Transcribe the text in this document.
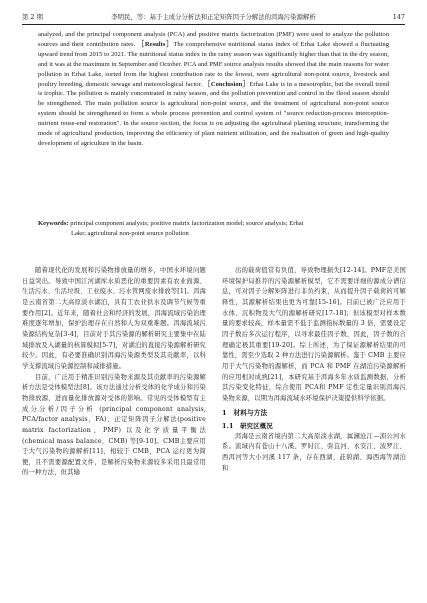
第 2 期	李明民，等：基于主成分分析法和正定矩阵因子分解法的洱海污染源解析	147

analyzed, and the principal component analysis (PCA) and positive matrix factorization (PMF) were used to analyze the pollution sources and their contribution rates. ［Results］The comprehensive nutritional status index of Erhai Lake showed a fluctuating upward trend from 2015 to 2021. The nutritional status index in the rainy season was significantly higher than that in the dry season, and it was at the maximum in September and October. PCA and PMF source analysis results showed that the main reasons for water pollution in Erhai Lake, sorted from the highest contribution rate to the lowest, were agricultural non-point source, livestock and poultry breeding, domestic sewage and meteorological factor. ［Conclusion］Erhai Lake is in a mesotrophic, but the overall trend is trophic. The pollution is mainly concentrated in rainy season, and the pollution prevention and control in the flood season should be strengthened. The main pollution source is agricultural non-point source, and the treatment of agricultural non-point source system should be strengthened to form a whole process prevention and control system of "source reduction-process interception-nutrient reuse-end restoration". In the source section, the focus is on adjusting the agricultural planting structure, transforming the mode of agricultural production, improving the efficiency of plant nutrient utilization, and the realization of green and high-quality development of agriculture in the basin.

Keywords: principal component analysis; positive matrix factorization model; source analysis; Erhai
Lake; agricultural non-point source pollution

随着现代化的发展和污染物排放量的增多，中国水环境问题日益突出。导致中国江河湖库水质恶化的重要因素有农业面源、生活污水、生活垃圾、工业废水、污水管网废水排放等[1]。洱海是云南省第二大高原淡水湖泊，具有工农业供水及调节气候等重要作用[2]。近年来，随着社会和经济的发展，洱海流域污染治理难度逐年增加，保护治理存在自然和人为双重难题。洱海流域污染源结构复杂[3-4]，目前对于其污染源的解析研究主要集中在陆域排放及入湖量的核算模拟[5-7]，对湖泊的直接污染源解析研究较少。因此，有必要准确识别洱海污染源类型及其贡献率，以科学支撑流域污染源控制和减排措施。

目前，广泛用于精准识别污染物来源及其贡献率的污染源解析方法是受体模型法[8]。该方法通过分析受体的化学成分和污染物排放源，进而量化排放源对受体的影响。常见的受体模型有主成分分析/因子分析 (principal component analysis, PCA/factor analysis，FA)、正定矩阵因子分解法(positive matrix factorization，PMF) 以及化学质量平衡法 (chemical mass balance，CMB) 等[9-10]。CMB主要应用于大气污染物的源解析[11]，相较于 CMB，PCA 运行更为简便，且不需要源配置文件，是解析污染物来源较多采用且最常用的一种方法，但其输

出的载荷值常有负值，导致物理损失[12-14]。PMF是美国环境保护局推荐的污染源解析模型，它不需要详细的源成分谱信息，可对因子分解矩阵进行非负约束，从而提升因子载荷的可解释性，其源解析结果也更为可靠[15-16]。目前已被广泛应用于水体、沉积物及大气的源解析研究[17-18]；但该模型对样本数量的要求较高，样本量需不低于监测指标数量的 3 倍，需要设定因子数后多次运行程序，以寻求最佳因子数，因此，因子数的合理确定极其重要[19-20]。综上所述，为了保证源解析结果的可靠性，需至少选取 2 种方法进行污染源解析。鉴于 CMB 主要应用于大气污染物的源解析，而 PCA 和 PMF 在湖泊污染源解析的应用相对成熟[21]，本研究基于洱海多年水质监测数据，分析其污染变化特征，综合使用 PCA和 PMF 定性定量识别洱海污染物来源，以期为洱海流域水环境保护决策提供科学依据。

1　材料与方法
1.1　研究区概况

洱海是云南省境内第二大高原淡水湖，属澜沧江—湄公河水系。流域内有苍山十八溪、罗时江、弥苴河、永安江、波罗江、西洱河等大小河溪 117 条，存在西湖、茈碧湖、海西海等湖泊和
